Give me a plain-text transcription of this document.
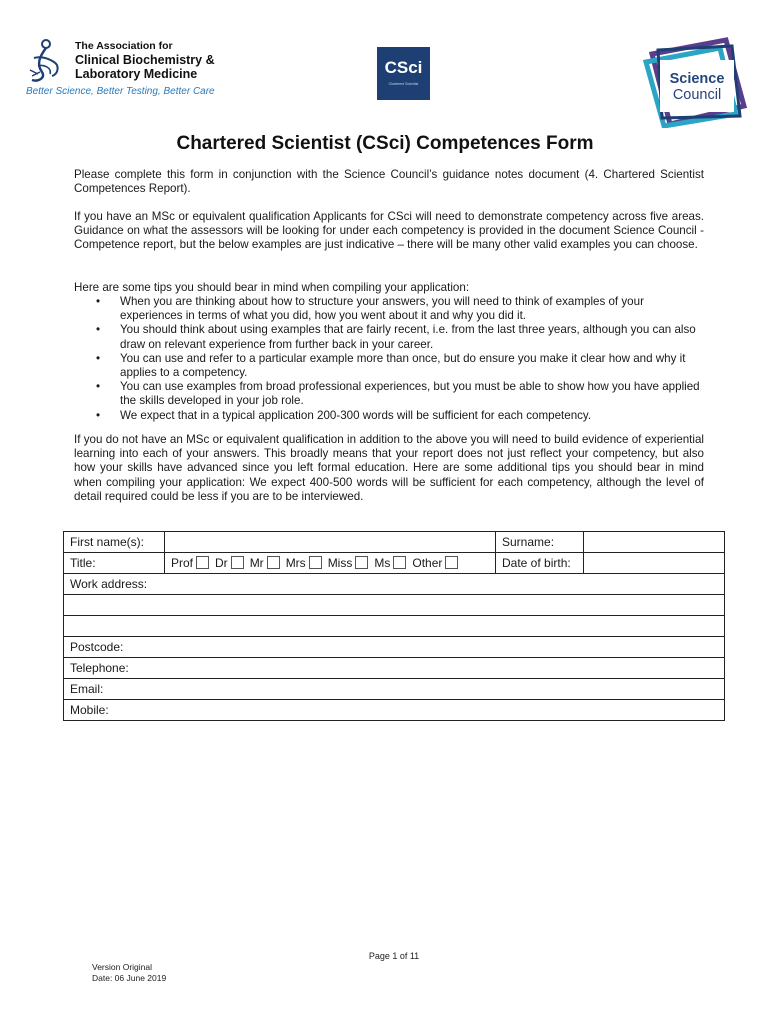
The Association for
Clinical Biochemistry &
Laboratory Medicine
Better Science, Better Testing, Better Care
CSci
Chartered Scientist	Science
Council
Chartered Scientist (CSci) Competences Form
Please complete this form in conjunction with the Science Council’s guidance notes document (4. Chartered Scientist Competences Report).
If you have an MSc or equivalent qualification Applicants for CSci will need to demonstrate competency across five areas. Guidance on what the assessors will be looking for under each competency is provided in the document Science Council - Competence report, but the below examples are just indicative – there will be many other valid examples you can choose.
Here are some tips you should bear in mind when compiling your application:
• When you are thinking about how to structure your answers, you will need to think of examples of your experiences in terms of what you did, how you went about it and why you did it.
• You should think about using examples that are fairly recent, i.e. from the last three years, although you can also draw on relevant experience from further back in your career.
• You can use and refer to a particular example more than once, but do ensure you make it clear how and why it applies to a competency.
• You can use examples from broad professional experiences, but you must be able to show how you have applied the skills developed in your job role.
• We expect that in a typical application 200-300 words will be sufficient for each competency.
If you do not have an MSc or equivalent qualification in addition to the above you will need to build evidence of experiential learning into each of your answers. This broadly means that your report does not just reflect your competency, but also how your skills have advanced since you left formal education. Here are some additional tips you should bear in mind when compiling your application: We expect 400-500 words will be sufficient for each competency, although the level of detail required could be less if you are to be interviewed.
First name(s):		Surname:	
Title:	Prof Dr Mr Mrs Miss Ms Other	Date of birth:	
Work address:			

Postcode:			
Telephone:			
Email:			
Mobile:			
Page 1 of 11
Version Original
Date: 06 June 2019
